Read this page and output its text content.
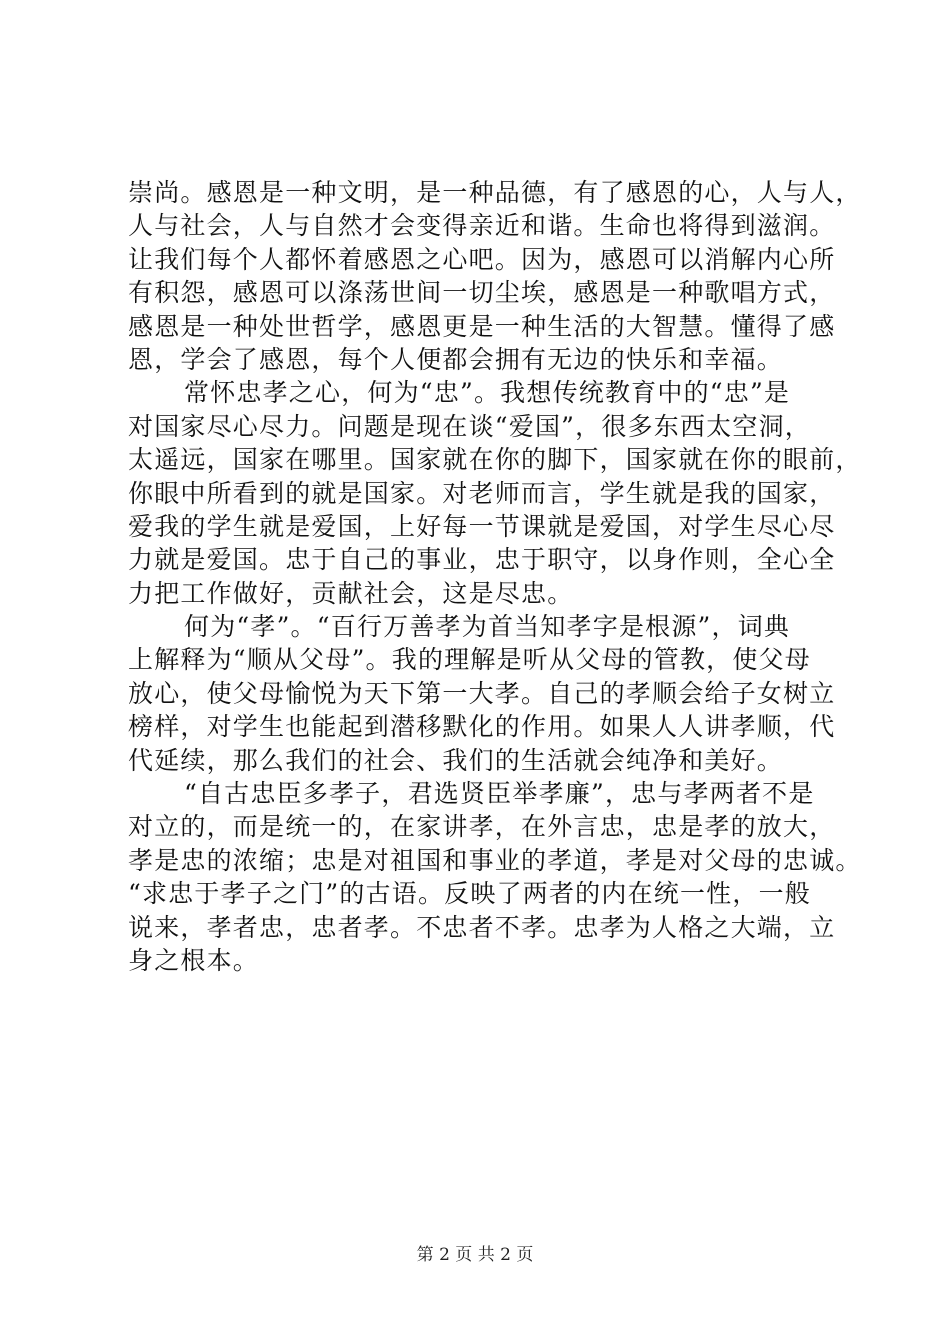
崇尚。感恩是一种文明，是一种品德，有了感恩的心，人与人，
人与社会，人与自然才会变得亲近和谐。生命也将得到滋润。
让我们每个人都怀着感恩之心吧。因为，感恩可以消解内心所
有积怨，感恩可以涤荡世间一切尘埃，感恩是一种歌唱方式，
感恩是一种处世哲学，感恩更是一种生活的大智慧。懂得了感
恩，学会了感恩，每个人便都会拥有无边的快乐和幸福。
常怀忠孝之心，何为“忠”。我想传统教育中的“忠”是
对国家尽心尽力。问题是现在谈“爱国”，很多东西太空洞，
太遥远，国家在哪里。国家就在你的脚下，国家就在你的眼前，
你眼中所看到的就是国家。对老师而言，学生就是我的国家，
爱我的学生就是爱国，上好每一节课就是爱国，对学生尽心尽
力就是爱国。忠于自己的事业，忠于职守，以身作则，全心全
力把工作做好，贡献社会，这是尽忠。
何为“孝”。“百行万善孝为首当知孝字是根源”，词典
上解释为“顺从父母”。我的理解是听从父母的管教，使父母
放心，使父母愉悦为天下第一大孝。自己的孝顺会给子女树立
榜样，对学生也能起到潜移默化的作用。如果人人讲孝顺，代
代延续，那么我们的社会、我们的生活就会纯净和美好。
“自古忠臣多孝子，君选贤臣举孝廉”，忠与孝两者不是
对立的，而是统一的，在家讲孝，在外言忠，忠是孝的放大，
孝是忠的浓缩；忠是对祖国和事业的孝道，孝是对父母的忠诚。
“求忠于孝子之门”的古语。反映了两者的内在统一性，一般
说来，孝者忠，忠者孝。不忠者不孝。忠孝为人格之大端，立
身之根本。
第 2 页 共 2 页
